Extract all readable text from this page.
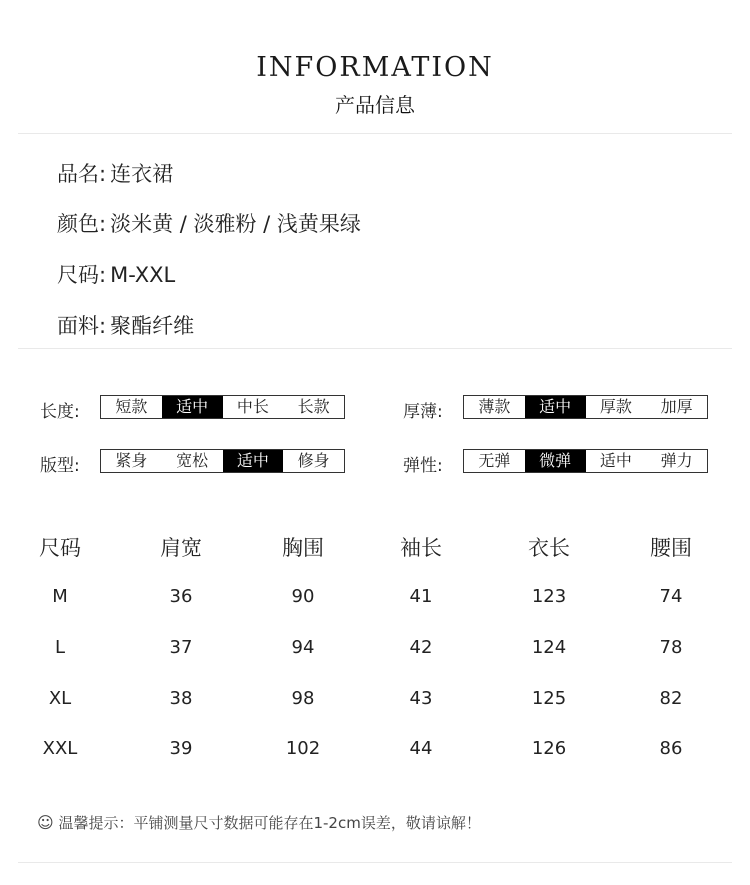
INFORMATION
产品信息
品名: 连衣裙
颜色: 淡米黄 / 淡雅粉 / 浅黄果绿
尺码: M-XXL
面料: 聚酯纤维
长度:	短款	适中	中长	长款	厚薄:	薄款	适中	厚款	加厚
版型:	紧身	宽松	适中	修身	弹性:	无弹	微弹	适中	弹力
尺码	肩宽	胸围	袖长	衣长	腰围
M	36	90	41	123	74
L	37	94	42	124	78
XL	38	98	43	125	82
XXL	39	102	44	126	86
☺ 温馨提示：平铺测量尺寸数据可能存在1-2cm误差，敬请谅解！
